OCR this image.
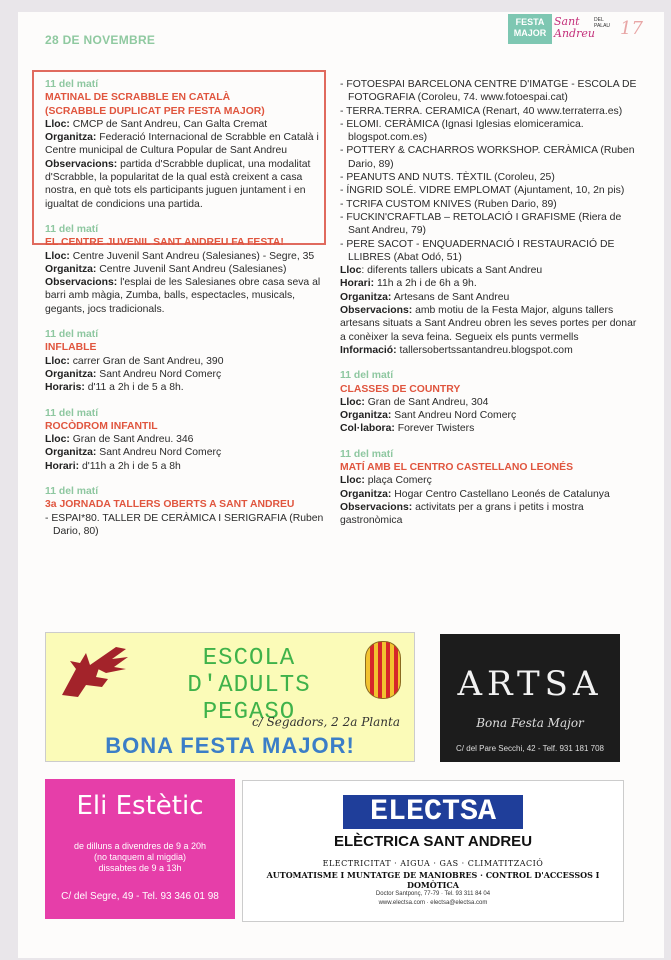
28 DE NOVEMBRE
FESTA
MAJOR
Sant
Andreu
DEL PALAU 17
11 del matí
MATINAL DE SCRABBLE EN CATALÀ
(SCRABBLE DUPLICAT PER FESTA MAJOR)
Lloc: CMCP de Sant Andreu, Can Galta Cremat
Organitza: Federació Internacional de Scrabble en Català i Centre municipal de Cultura Popular de Sant Andreu
Observacions: partida d'Scrabble duplicat, una modalitat d'Scrabble, la popularitat de la qual està creixent a casa nostra, en què tots els participants juguen juntament i en igualtat de condicions una partida.
11 del matí
EL CENTRE JUVENIL SANT ANDREU FA FESTA!
Lloc: Centre Juvenil Sant Andreu (Salesianes) - Segre, 35
Organitza: Centre Juvenil Sant Andreu (Salesianes)
Observacions: l'esplai de les Salesianes obre casa seva al barri amb màgia, Zumba, balls, espectacles, musicals, gegants, jocs tradicionals.
11 del matí
INFLABLE
Lloc: carrer Gran de Sant Andreu, 390
Organitza: Sant Andreu Nord Comerç
Horaris: d'11 a 2h i de 5 a 8h.
11 del matí
ROCÒDROM INFANTIL
Lloc: Gran de Sant Andreu. 346
Organitza: Sant Andreu Nord Comerç
Horari: d'11h a 2h i de 5 a 8h
11 del matí
3a JORNADA TALLERS OBERTS A SANT ANDREU
- ESPAI*80. TALLER DE CERÀMICA I SERIGRAFIA (Ruben Dario, 80)
- FOTOESPAI BARCELONA CENTRE D'IMATGE - ESCOLA DE FOTOGRAFIA (Coroleu, 74. www.fotoespai.cat)
- TERRA.TERRA. CERAMICA (Renart, 40 www.terraterra.es)
- ELOMI. CERÀMICA (Ignasi Iglesias elomiceramica. blogspot.com.es)
- POTTERY & CACHARROS WORKSHOP. CERÀMICA (Ruben Dario, 89)
- PEANUTS AND NUTS. TÈXTIL (Coroleu, 25)
- ÍNGRID SOLÉ. VIDRE EMPLOMAT (Ajuntament, 10, 2n pis)
- TCRIFA CUSTOM KNIVES (Ruben Dario, 89)
- FUCKIN'CRAFTLAB – RETOLACIÓ I GRAFISME (Riera de Sant Andreu, 79)
- PERE SACOT - ENQUADERNACIÓ I RESTAURACIÓ DE LLIBRES (Abat Odó, 51)
Lloc: diferents tallers ubicats a Sant Andreu
Horari: 11h a 2h i de 6h a 9h.
Organitza: Artesans de Sant Andreu
Observacions: amb motiu de la Festa Major, alguns tallers artesans situats a Sant Andreu obren les seves portes per donar a conèixer la seva feina. Segueix els punts vermells
Informació: tallersobertssantandreu.blogspot.com
11 del matí
CLASSES DE COUNTRY
Lloc: Gran de Sant Andreu, 304
Organitza: Sant Andreu Nord Comerç
Col·labora: Forever Twisters
11 del matí
MATÍ AMB EL CENTRO CASTELLANO LEONÉS
Lloc: plaça Comerç
Organitza: Hogar Centro Castellano Leonés de Catalunya
Observacions: activitats per a grans i petits i mostra gastronòmica
ESCOLA D'ADULTS
PEGASO
c/ Segadors, 2 2a Planta
BONA FESTA MAJOR!
ARTSA
Bona Festa Major
C/ del Pare Secchi, 42 - Telf. 931 181 708
Eli Estètic
de dilluns a divendres de 9 a 20h
(no tanquem al migdia)
dissabtes de 9 a 13h
C/ del Segre, 49 - Tel. 93 346 01 98
ELECTSA
ELÈCTRICA SANT ANDREU
ELECTRICITAT · AIGUA · GAS · CLIMATITZACIÓ
AUTOMATISME I MUNTATGE DE MANIOBRES · CONTROL D'ACCESSOS I DOMÒTICA
Doctor Santponç, 77-79 · Tel. 93 311 84 04
www.electsa.com · electsa@electsa.com
